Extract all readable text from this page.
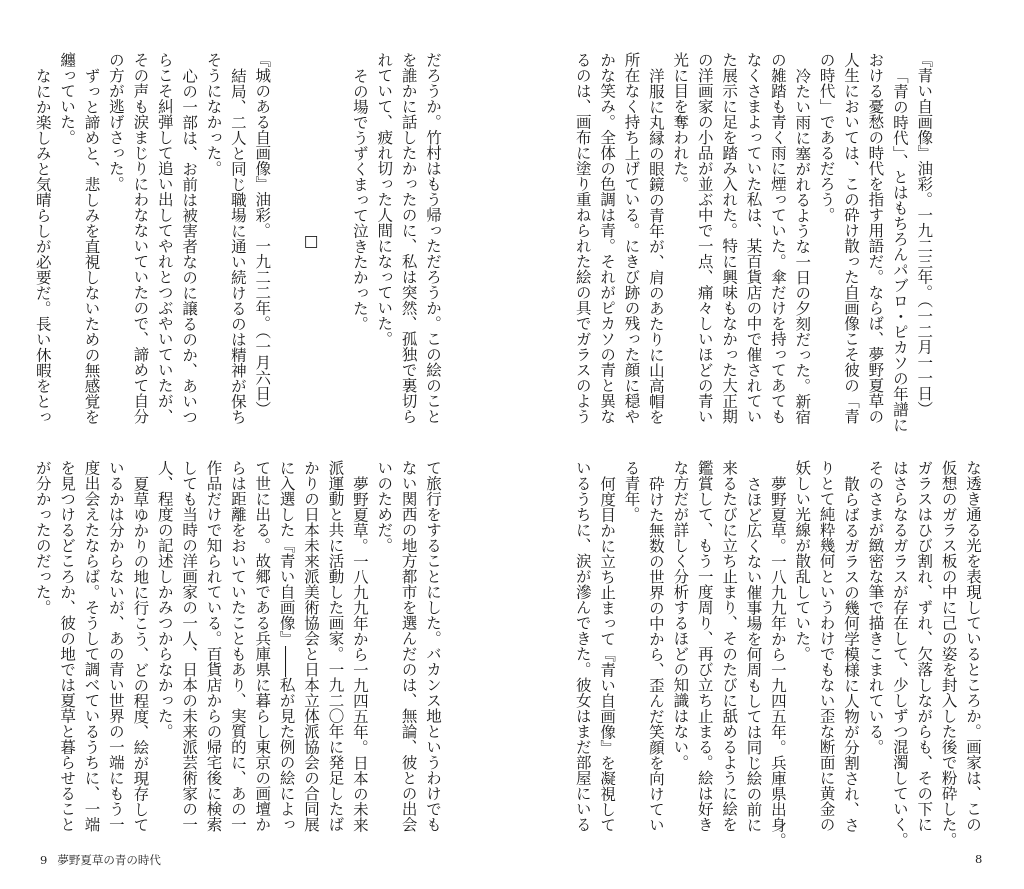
『青い自画像』油彩。一九二三年。（一二月一一日）
「青の時代」、とはもちろんパブロ・ピカソの年譜に
おける憂愁の時代を指す用語だ。ならば、夢野夏草の
人生においては、この砕け散った自画像こそ彼の「青
の時代」であるだろう。
冷たい雨に塞がれるような一日の夕刻だった。新宿
の雑踏も青く雨に煙っていた。傘だけを持ってあても
なくさまよっていた私は、某百貨店の中で催されてい
た展示に足を踏み入れた。特に興味もなかった大正期
の洋画家の小品が並ぶ中で一点、痛々しいほどの青い
光に目を奪われた。
洋服に丸縁の眼鏡の青年が、肩のあたりに山高帽を
所在なく持ち上げている。にきび跡の残った顔に穏や
かな笑み。全体の色調は青。それがピカソの青と異な
るのは、画布に塗り重ねられた絵の具でガラスのよう
な透き通る光を表現しているところか。画家は、この
仮想のガラス板の中に己の姿を封入した後で粉砕した。
ガラスはひび割れ、ずれ、欠落しながらも、その下に
はさらなるガラスが存在して、少しずつ混濁していく。
そのさまが緻密な筆で描きこまれている。
散らばるガラスの幾何学模様に人物が分割され、さ
りとて純粋幾何というわけでもない歪な断面に黄金の
妖しい光線が散乱していた。
夢野夏草。一八九九年から一九四五年。兵庫県出身。
さほど広くない催事場を何周もしては同じ絵の前に
来るたびに立ち止まり、そのたびに舐めるように絵を
鑑賞して、もう一度周り、再び立ち止まる。絵は好き
な方だが詳しく分析するほどの知識はない。
砕けた無数の世界の中から、歪んだ笑顔を向けてい
る青年。
何度目かに立ち止まって『青い自画像』を凝視して
いるうちに、涙が滲んできた。彼女はまだ部屋にいる
だろうか。竹村はもう帰っただろうか。この絵のこと
を誰かに話したかったのに、私は突然、孤独で裏切ら
れていて、疲れ切った人間になっていた。
その場でうずくまって泣きたかった。
□
『城のある自画像』油彩。一九二二年。（一月六日）
結局、二人と同じ職場に通い続けるのは精神が保ち
そうになかった。
心の一部は、お前は被害者なのに譲るのか、あいつ
らこそ糾弾して追い出してやれとつぶやいていたが、
その声も涙まじりにわなないていたので、諦めて自分
の方が逃げさった。
ずっと諦めと、悲しみを直視しないための無感覚を
纏っていた。
なにか楽しみと気晴らしが必要だ。長い休暇をとっ
て旅行をすることにした。バカンス地というわけでも
ない関西の地方都市を選んだのは、無論、彼との出会
いのためだ。
夢野夏草。一八九九年から一九四五年。日本の未来
派運動と共に活動した画家。一九二〇年に発足したば
かりの日本未来派美術協会と日本立体派協会の合同展
に入選した『青い自画像』――私が見た例の絵によっ
て世に出る。故郷である兵庫県に暮らし東京の画壇か
らは距離をおいていたこともあり、実質的に、あの一
作品だけで知られている。百貨店からの帰宅後に検索
しても当時の洋画家の一人、日本の未来派芸術家の一
人、程度の記述しかみつからなかった。
夏草ゆかりの地に行こう、どの程度、絵が現存して
いるかは分からないが、あの青い世界の一端にもう一
度出会えたならば。そうして調べているうちに、一端
を見つけるどころか、彼の地では夏草と暮らせること
が分かったのだった。
9 夢野夏草の青の時代	8
